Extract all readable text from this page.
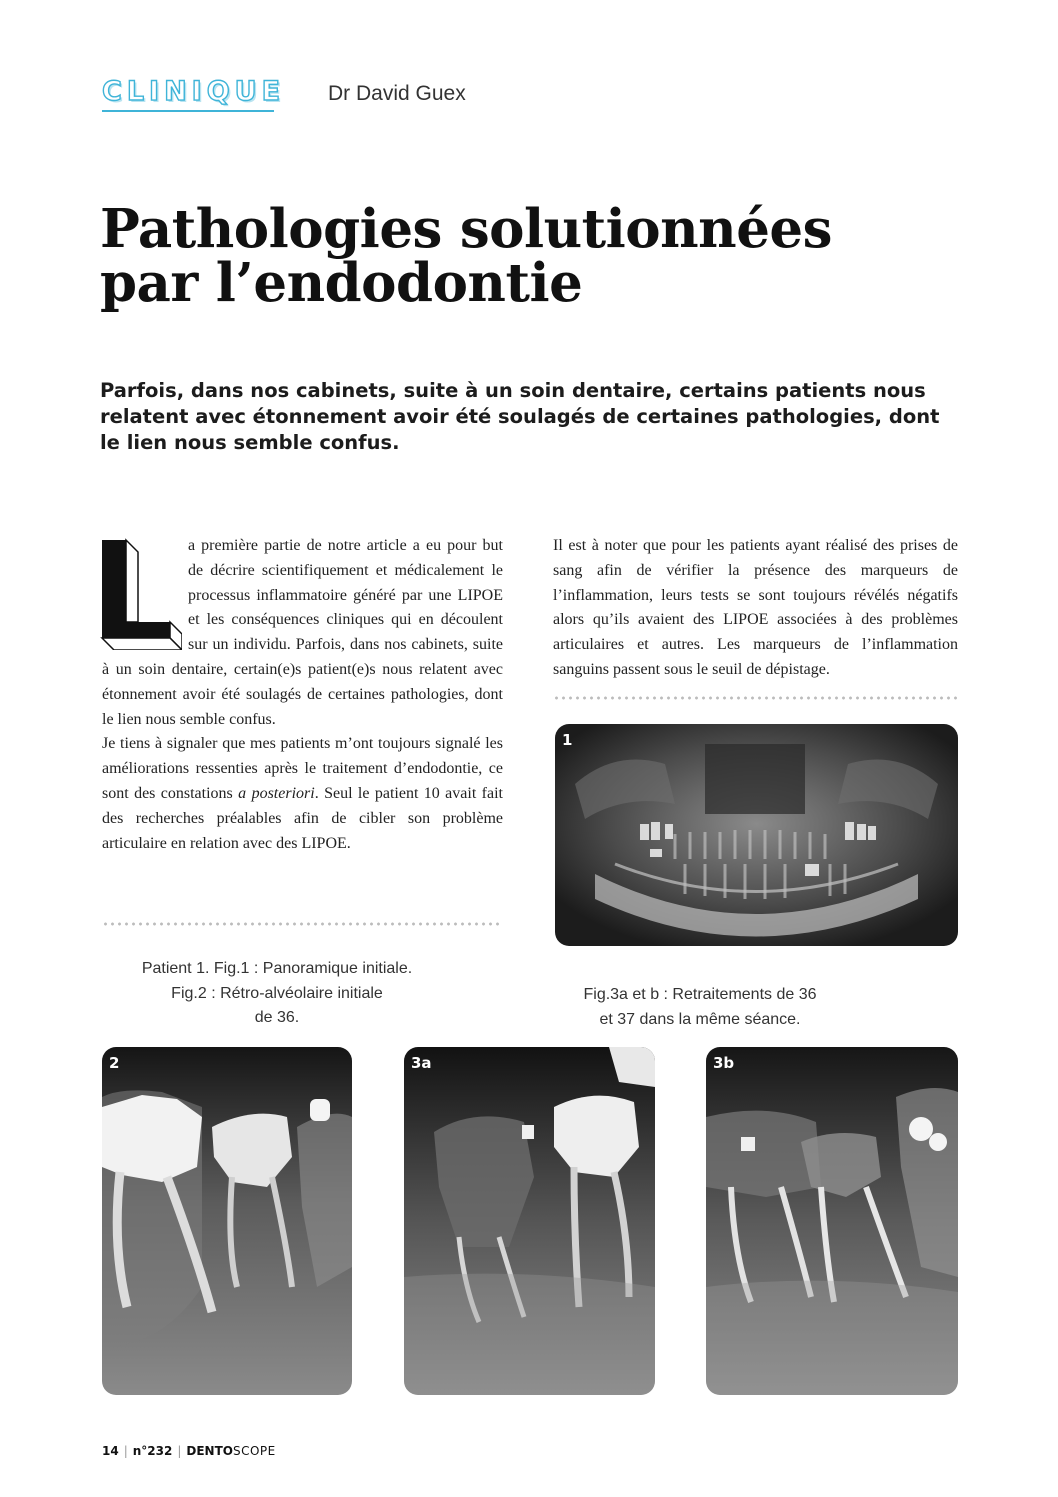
CLINIQUE Dr David Guex
Pathologies solutionnées
par l’endodontie
Parfois, dans nos cabinets, suite à un soin dentaire, certains patients nous relatent avec étonnement avoir été soulagés de certaines pathologies, dont le lien nous semble confus.

a première partie de notre article a eu pour but de décrire scientifiquement et médicalement le processus inflammatoire généré par une LIPOE et les conséquences cliniques qui en découlent sur un individu. Parfois, dans nos cabinets, suite à un soin dentaire, certain(e)s patient(e)s nous relatent avec étonnement avoir été soulagés de certaines pathologies, dont le lien nous semble confus.

Je tiens à signaler que mes patients m’ont toujours signalé les améliorations ressenties après le traitement d’endodontie, ce sont des constations a posteriori. Seul le patient 10 avait fait des recherches préalables afin de cibler son problème articulaire en relation avec des LIPOE.

Il est à noter que pour les patients ayant réalisé des prises de sang afin de vérifier la présence des marqueurs de l’inflammation, leurs tests se sont toujours révélés négatifs alors qu’ils avaient des LIPOE associées à des problèmes articulaires et autres. Les marqueurs de l’inflammation sanguins passent sous le seuil de dépistage.

1
Patient 1. Fig.1 : Panoramique initiale.
Fig.2 : Rétro-alvéolaire initiale
de 36.
Fig.3a et b : Retraitements de 36
et 37 dans la même séance.
2	3a	3b
14 | n°232 | DENTOSCOPE
